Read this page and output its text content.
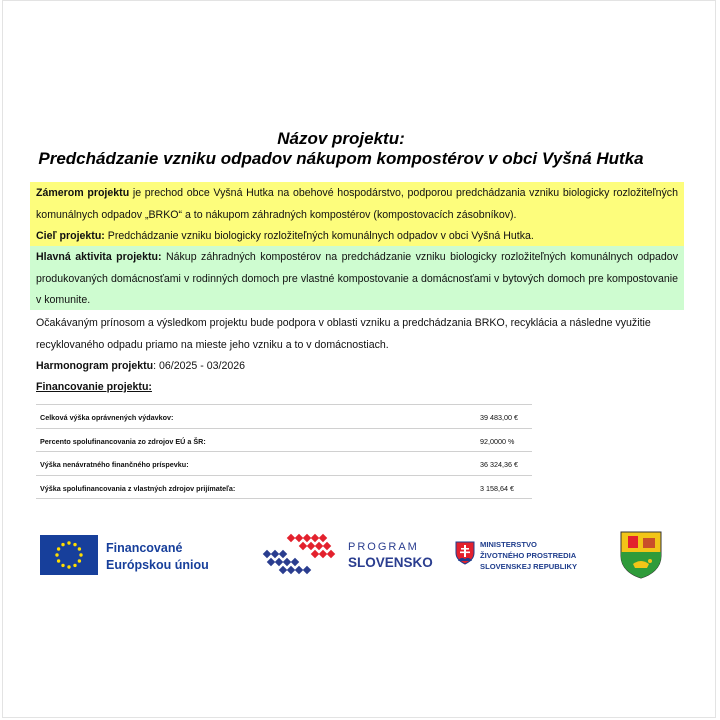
Názov projektu:
Predchádzanie vzniku odpadov nákupom kompostérov v obci Vyšná Hutka
Zámerom projektu je prechod obce Vyšná Hutka na obehové hospodárstvo, podporou predchádzania vzniku biologicky rozložiteľných komunálnych odpadov „BRKO“ a to nákupom záhradných kompostérov (kompostovacích zásobníkov).
Cieľ projektu: Predchádzanie vzniku biologicky rozložiteľných komunálnych odpadov v obci Vyšná Hutka.
Hlavná aktivita projektu: Nákup záhradných kompostérov na predchádzanie vzniku biologicky rozložiteľných komunálnych odpadov produkovaných domácnosťami v rodinných domoch pre vlastné kompostovanie a domácnosťami v bytových domoch pre kompostovanie v komunite.
Očakávaným prínosom a výsledkom projektu bude podpora v oblasti vzniku a predchádzania BRKO, recyklácia a následne využitie recyklovaného odpadu priamo na mieste jeho vzniku a to v domácnostiach.
Harmonogram projektu: 06/2025 - 03/2026
Financovanie projektu:
Celková výška oprávnených výdavkov:	39 483,00 €
Percento spolufinancovania zo zdrojov EÚ a ŠR:	92,0000 %
Výška nenávratného finančného príspevku:	36 324,36 €
Výška spolufinancovania z vlastných zdrojov prijímateľa:	3 158,64 €
Financované
Európskou úniou
PROGRAM
SLOVENSKO
MINISTERSTVO
ŽIVOTNÉHO PROSTREDIA
SLOVENSKEJ REPUBLIKY
